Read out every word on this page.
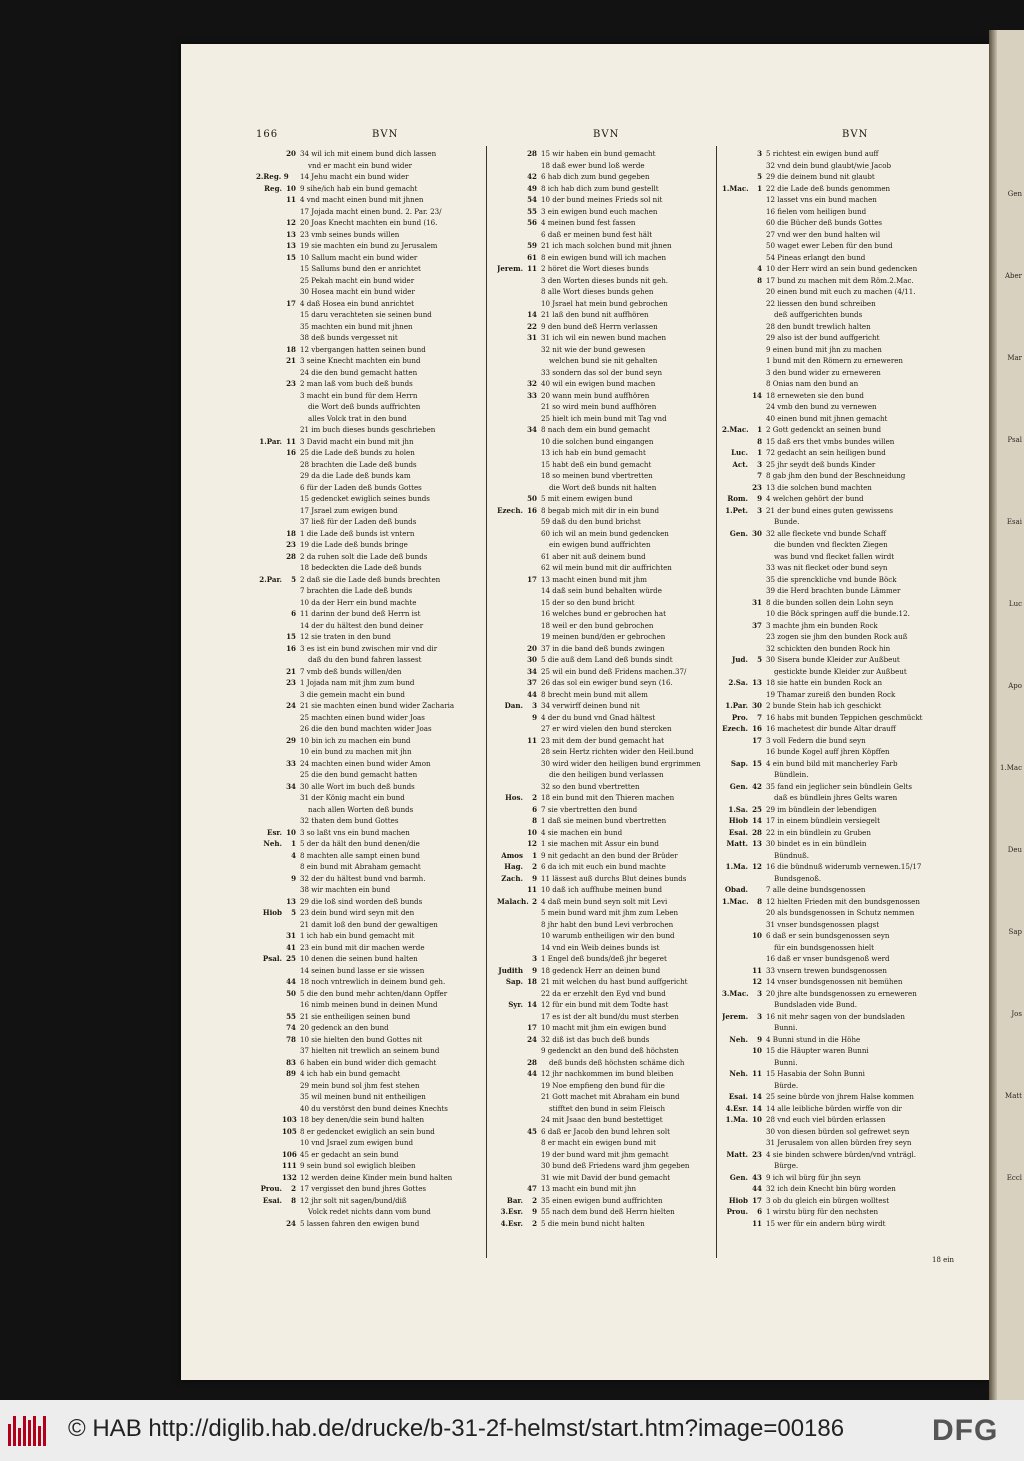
Gen
Aber
Mar
Psal
Esai
Luc
Apo
1.Mac
Deu
Sap
Jos
Matt
Eccl
166	BVN	BVN	BVN
20 34 wil ich mit einem bund dich lassen
vnd er macht ein bund wider
2.Reg. 9 14 Jehu macht ein bund wider
Reg. 10 9 sihe/ich hab ein bund gemacht
11 4 vnd macht einen bund mit jhnen
17 Jojada macht einen bund. 2. Par. 23/
12 20 Joas Knecht machten ein bund (16.
13 23 vmb seines bunds willen
13 19 sie machten ein bund zu Jerusalem
15 10 Sallum macht ein bund wider
15 Sallums bund den er anrichtet
25 Pekah macht ein bund wider
30 Hosea macht ein bund wider
17 4 daß Hosea ein bund anrichtet
15 daru verachteten sie seinen bund
35 machten ein bund mit jhnen
38 deß bunds vergesset nit
18 12 vbergangen hatten seinen bund
21 3 seine Knecht machten ein bund
24 die den bund gemacht hatten
23 2 man laß vom buch deß bunds
3 macht ein bund für dem Herrn
die Wort deß bunds auffrichten
alles Volck trat in den bund
21 im buch dieses bunds geschrieben
1.Par. 11 3 David macht ein bund mit jhn
16 25 die Lade deß bunds zu holen
28 brachten die Lade deß bunds
29 da die Lade deß bunds kam
6 für der Laden deß bunds Gottes
15 gedencket ewiglich seines bunds
17 Jsrael zum ewigen bund
37 ließ für der Laden deß bunds
18 1 die Lade deß bunds ist vntern
23 19 die Lade deß bunds bringe
28 2 da ruhen solt die Lade deß bunds
18 bedeckten die Lade deß bunds
2.Par.	5 2 daß sie die Lade deß bunds brechten
7 brachten die Lade deß bunds
10 da der Herr ein bund machte
6 11 darinn der bund deß Herrn ist
14 der du hältest den bund deiner
15 12 sie traten in den bund
16 3 es ist ein bund zwischen mir vnd dir
daß du den bund fahren lassest
21 7 vmb deß bunds willen/den
23 1 Jojada nam mit jhm zum bund
3 die gemein macht ein bund
24 21 sie machten einen bund wider Zacharia
25 machten einen bund wider Joas
26 die den bund machten wider Joas
29 10 bin ich zu machen ein bund
10 ein bund zu machen mit jhn
33 24 machten einen bund wider Amon
25 die den bund gemacht hatten
34 30 alle Wort im buch deß bunds
31 der König macht ein bund
nach allen Worten deß bunds
32 thaten dem bund Gottes
Esr. 10 3 so laßt vns ein bund machen
Neh.	1 5 der da hält den bund denen/die
4 8 machten alle sampt einen bund
8 ein bund mit Abraham gemacht
9 32 der du hältest bund vnd barmh.
38 wir machten ein bund
13 29 die loß sind worden deß bunds
Hiob	5 23 dein bund wird seyn mit den
21 damit loß den bund der gewaltigen
31 1 ich hab ein bund gemacht mit
41 23 ein bund mit dir machen werde
Psal. 25 10 denen die seinen bund halten
14 seinen bund lasse er sie wissen
44 18 noch vntrewlich in deinem bund geh.
50 5 die den bund mehr achten/dann Opffer
16 nimb meinen bund in deinen Mund
55 21 sie entheiligen seinen bund
74 20 gedenck an den bund
78 10 sie hielten den bund Gottes nit
37 hielten nit trewlich an seinem bund
83 6 haben ein bund wider dich gemacht
89 4 ich hab ein bund gemacht
29 mein bund sol jhm fest stehen
35 wil meinen bund nit entheiligen
40 du verstörst den bund deines Knechts
103 18 bey denen/die sein bund halten
105 8 er gedencket ewiglich an sein bund
10 vnd Jsrael zum ewigen bund
106 45 er gedacht an sein bund
111 9 sein bund sol ewiglich bleiben
132 12 werden deine Kinder mein bund halten
Prou.	2 17 vergisset den bund jhres Gottes
Esai.	8 12 jhr solt nit sagen/bund/diß
Volck redet nichts dann vom bund
24 5 lassen fahren den ewigen bund
28 15 wir haben ein bund gemacht
18 daß ewer bund loß werde
42 6 hab dich zum bund gegeben
49 8 ich hab dich zum bund gestellt
54 10 der bund meines Frieds sol nit
55 3 ein ewigen bund euch machen
56 4 meinen bund fest fassen
6 daß er meinen bund fest hält
59 21 ich mach solchen bund mit jhnen
61 8 ein ewigen bund will ich machen
Jerem. 11 2 höret die Wort dieses bunds
3 den Worten dieses bunds nit geh.
8 alle Wort dieses bunds gehen
10 Jsrael hat mein bund gebrochen
14 21 laß den bund nit auffhören
22 9 den bund deß Herrn verlassen
31 31 ich wil ein newen bund machen
32 nit wie der bund gewesen
welchen bund sie nit gehalten
33 sondern das sol der bund seyn
32 40 wil ein ewigen bund machen
33 20 wann mein bund auffhören
21 so wird mein bund auffhören
25 hielt ich mein bund mit Tag vnd
34 8 nach dem ein bund gemacht
10 die solchen bund eingangen
13 ich hab ein bund gemacht
15 habt deß ein bund gemacht
18 so meinen bund vbertretten
die Wort deß bunds nit halten
50 5 mit einem ewigen bund
Ezech. 16 8 begab mich mit dir in ein bund
59 daß du den bund brichst
60 ich wil an mein bund gedencken
ein ewigen bund auffrichten
61 aber nit auß deinem bund
62 wil mein bund mit dir auffrichten
17 13 macht einen bund mit jhm
14 daß sein bund behalten würde
15 der so den bund bricht
16 welches bund er gebrochen hat
18 weil er den bund gebrochen
19 meinen bund/den er gebrochen
20 37 in die band deß bunds zwingen
30 5 die auß dem Land deß bunds sindt
34 25 wil ein bund deß Fridens machen.37/
37 26 das sol ein ewiger bund seyn (16.
44 8 brecht mein bund mit allem
Dan.	3 34 verwirff deinen bund nit
9 4 der du bund vnd Gnad hältest
27 er wird vielen den bund stercken
11 23 mit dem der bund gemacht hat
28 sein Hertz richten wider den Heil.bund
30 wird wider den heiligen bund ergrimmen
die den heiligen bund verlassen
32 so den bund vbertretten
Hos.	2 18 ein bund mit den Thieren machen
6 7 sie vbertretten den bund
8 1 daß sie meinen bund vbertretten
10 4 sie machen ein bund
12 1 sie machen mit Assur ein bund
Amos	1 9 nit gedacht an den bund der Brüder
Hag.	2 6 da ich mit euch ein bund machte
Zach.	9 11 lässest auß durchs Blut deines bunds
11 10 daß ich auffhube meinen bund
Malach. 2 4 daß mein bund seyn solt mit Levi
5 mein bund ward mit jhm zum Leben
8 jhr habt den bund Levi verbrochen
10 warumb entheiligen wir den bund
14 vnd ein Weib deines bunds ist
3 1 Engel deß bunds/deß jhr begeret
Judith	9 18 gedenck Herr an deinen bund
Sap. 18 21 mit welchen du hast bund auffgericht
22 da er erzehlt den Eyd vnd bund
Syr. 14 12 für ein bund mit dem Todte hast
17 es ist der alt bund/du must sterben
17 10 macht mit jhm ein ewigen bund
24 32 diß ist das buch deß bunds
9 gedenckt an den bund deß höchsten
28 deß bunds deß höchsten schäme dich
44 12 jhr nachkommen im bund bleiben
19 Noe empfieng den bund für die
21 Gott machet mit Abraham ein bund
stifftet den bund in seim Fleisch
24 mit Jsaac den bund bestettiget
45 6 daß er Jacob den bund lehren solt
8 er macht ein ewigen bund mit
19 der bund ward mit jhm gemacht
30 bund deß Friedens ward jhm gegeben
31 wie mit David der bund gemacht
47 13 macht ein bund mit jhn
Bar.	2 35 einen ewigen bund auffrichten
3.Esr.	9 55 nach dem bund deß Herrn hielten
4.Esr.	2 5 die mein bund nicht halten
3 5 richtest ein ewigen bund auff
32 vnd dein bund glaubt/wie Jacob
5 29 die deinem bund nit glaubt
1.Mac.	1 22 die Lade deß bunds genommen
12 lasset vns ein bund machen
16 fielen vom heiligen bund
60 die Bücher deß bunds Gottes
27 vnd wer den bund halten wil
50 waget ewer Leben für den bund
54 Pineas erlangt den bund
4 10 der Herr wird an sein bund gedencken
8 17 bund zu machen mit dem Röm.2.Mac.
20 einen bund mit euch zu machen (4/11.
22 liessen den bund schreiben
deß auffgerichten bunds
28 den bundt trewlich halten
29 also ist der bund auffgericht
9 einen bund mit jhn zu machen
1 bund mit den Römern zu erneweren
3 den bund wider zu erneweren
8 Onias nam den bund an
14 18 erneweten sie den bund
24 vmb den bund zu vernewen
40 einen bund mit jhnen gemacht
2.Mac.	1 2 Gott gedenckt an seinen bund
8 15 daß ers thet vmbs bundes willen
Luc.	1 72 gedacht an sein heiligen bund
Act.	3 25 jhr seydt deß bunds Kinder
7 8 gab jhm den bund der Beschneidung
23 13 die solchen bund machten
Rom.	9 4 welchen gehört der bund
1.Pet.	3 21 der bund eines guten gewissens
Bunde.
Gen. 30 32 alle fleckete vnd bunde Schaff
die bunden vnd fleckten Ziegen
was bund vnd flecket fallen wirdt
33 was nit flecket oder bund seyn
35 die sprenckliche vnd bunde Böck
39 die Herd brachten bunde Lämmer
31 8 die bunden sollen dein Lohn seyn
10 die Böck springen auff die bunde.12.
37 3 machte jhm ein bunden Rock
23 zogen sie jhm den bunden Rock auß
32 schickten den bunden Rock hin
Jud.	5 30 Sisera bunde Kleider zur Außbeut
gestickte bunde Kleider zur Außbeut
2.Sa. 13 18 sie hatte ein bunden Rock an
19 Thamar zureiß den bunden Rock
1.Par. 30 2 bunde Stein hab ich geschickt
Pro.	7 16 habs mit bunden Teppichen geschmückt
Ezech. 16 16 machetest dir bunde Altar drauff
17 3 voll Federn die bund seyn
16 bunde Kogel auff jhren Köpffen
Sap. 15 4 ein bund bild mit mancherley Farb
Bündlein.
Gen. 42 35 fand ein jeglicher sein bündlein Gelts
daß es bündlein jhres Gelts waren
1.Sa. 25 29 im bündlein der lebendigen
Hiob 14 17 in einem bündlein versiegelt
Esai. 28 22 in ein bündlein zu Gruben
Matt. 13 30 bindet es in ein bündlein
Bündnuß.
1.Ma. 12 16 die bündnuß widerumb vernewen.15/17
Bundsgenoß.
Obad.	7 alle deine bundsgenossen
1.Mac.	8 12 hielten Frieden mit den bundsgenossen
20 als bundsgenossen in Schutz nemmen
31 vnser bundsgenossen plagst
10 6 daß er sein bundsgenossen seyn
für ein bundsgenossen hielt
16 daß er vnser bundsgenoß werd
11 33 vnsern trewen bundsgenossen
12 14 vnser bundsgenossen nit bemühen
3.Mac.	3 20 jhre alte bundsgenossen zu erneweren
Bundsladen vide Bund.
Jerem.	3 16 nit mehr sagen von der bundsladen
Bunni.
Neh.	9 4 Bunni stund in die Höhe
10 15 die Häupter waren Bunni
Bunni.
Neh. 11 15 Hasabia der Sohn Bunni
Bürde.
Esai. 14 25 seine bürde von jhrem Halse kommen
4.Esr. 14 14 alle leibliche bürden wirffe von dir
1.Ma. 10 28 vnd euch viel bürden erlassen
30 von diesen bürden sol gefrewet seyn
31 Jerusalem von allen bürden frey seyn
Matt. 23 4 sie binden schwere bürden/vnd vnträgl.
Bürge.
Gen. 43 9 ich wil bürg für jhn seyn
44 32 ich dein Knecht bin bürg worden
Hiob 17 3 ob du gleich ein bürgen wolltest
Prou.	6 1 wirstu bürg für den nechsten
11 15 wer für ein andern bürg wirdt
18 ein
© HAB http://diglib.hab.de/drucke/b-31-2f-helmst/start.htm?image=00186	DFG
